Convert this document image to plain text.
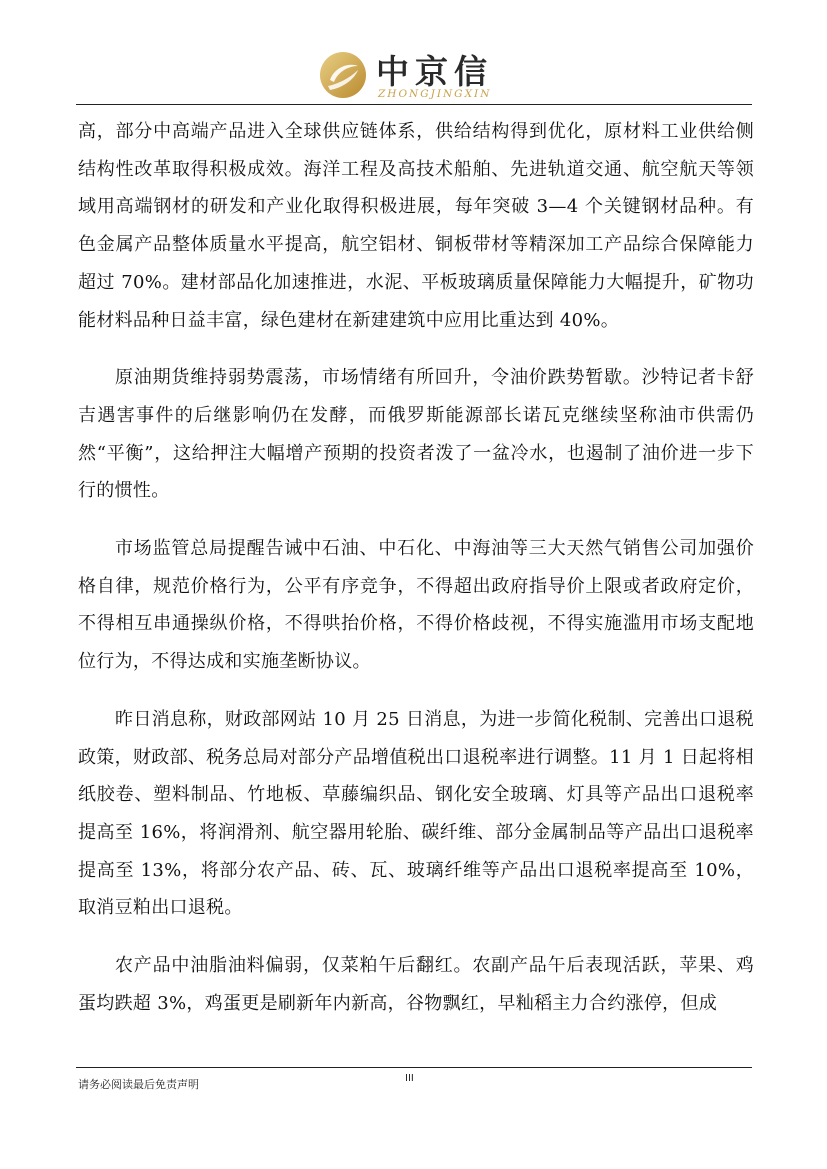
中京信
ZHONGJINGXIN

高，部分中高端产品进入全球供应链体系，供给结构得到优化，原材料工业供给侧结构性改革取得积极成效。海洋工程及高技术船舶、先进轨道交通、航空航天等领域用高端钢材的研发和产业化取得积极进展，每年突破 3—4 个关键钢材品种。有色金属产品整体质量水平提高，航空铝材、铜板带材等精深加工产品综合保障能力超过 70%。建材部品化加速推进，水泥、平板玻璃质量保障能力大幅提升，矿物功能材料品种日益丰富，绿色建材在新建建筑中应用比重达到 40%。

原油期货维持弱势震荡，市场情绪有所回升，令油价跌势暂歇。沙特记者卡舒吉遇害事件的后继影响仍在发酵，而俄罗斯能源部长诺瓦克继续坚称油市供需仍然“平衡”，这给押注大幅增产预期的投资者泼了一盆冷水，也遏制了油价进一步下行的惯性。

市场监管总局提醒告诫中石油、中石化、中海油等三大天然气销售公司加强价格自律，规范价格行为，公平有序竞争，不得超出政府指导价上限或者政府定价，不得相互串通操纵价格，不得哄抬价格，不得价格歧视，不得实施滥用市场支配地位行为，不得达成和实施垄断协议。

昨日消息称，财政部网站 10 月 25 日消息，为进一步简化税制、完善出口退税政策，财政部、税务总局对部分产品增值税出口退税率进行调整。11 月 1 日起将相纸胶卷、塑料制品、竹地板、草藤编织品、钢化安全玻璃、灯具等产品出口退税率提高至 16%，将润滑剂、航空器用轮胎、碳纤维、部分金属制品等产品出口退税率提高至 13%，将部分农产品、砖、瓦、玻璃纤维等产品出口退税率提高至 10%，取消豆粕出口退税。

农产品中油脂油料偏弱，仅菜粕午后翻红。农副产品午后表现活跃，苹果、鸡蛋均跌超 3%，鸡蛋更是刷新年内新高，谷物飘红，早籼稻主力合约涨停，但成

请务必阅读最后免责声明	III
